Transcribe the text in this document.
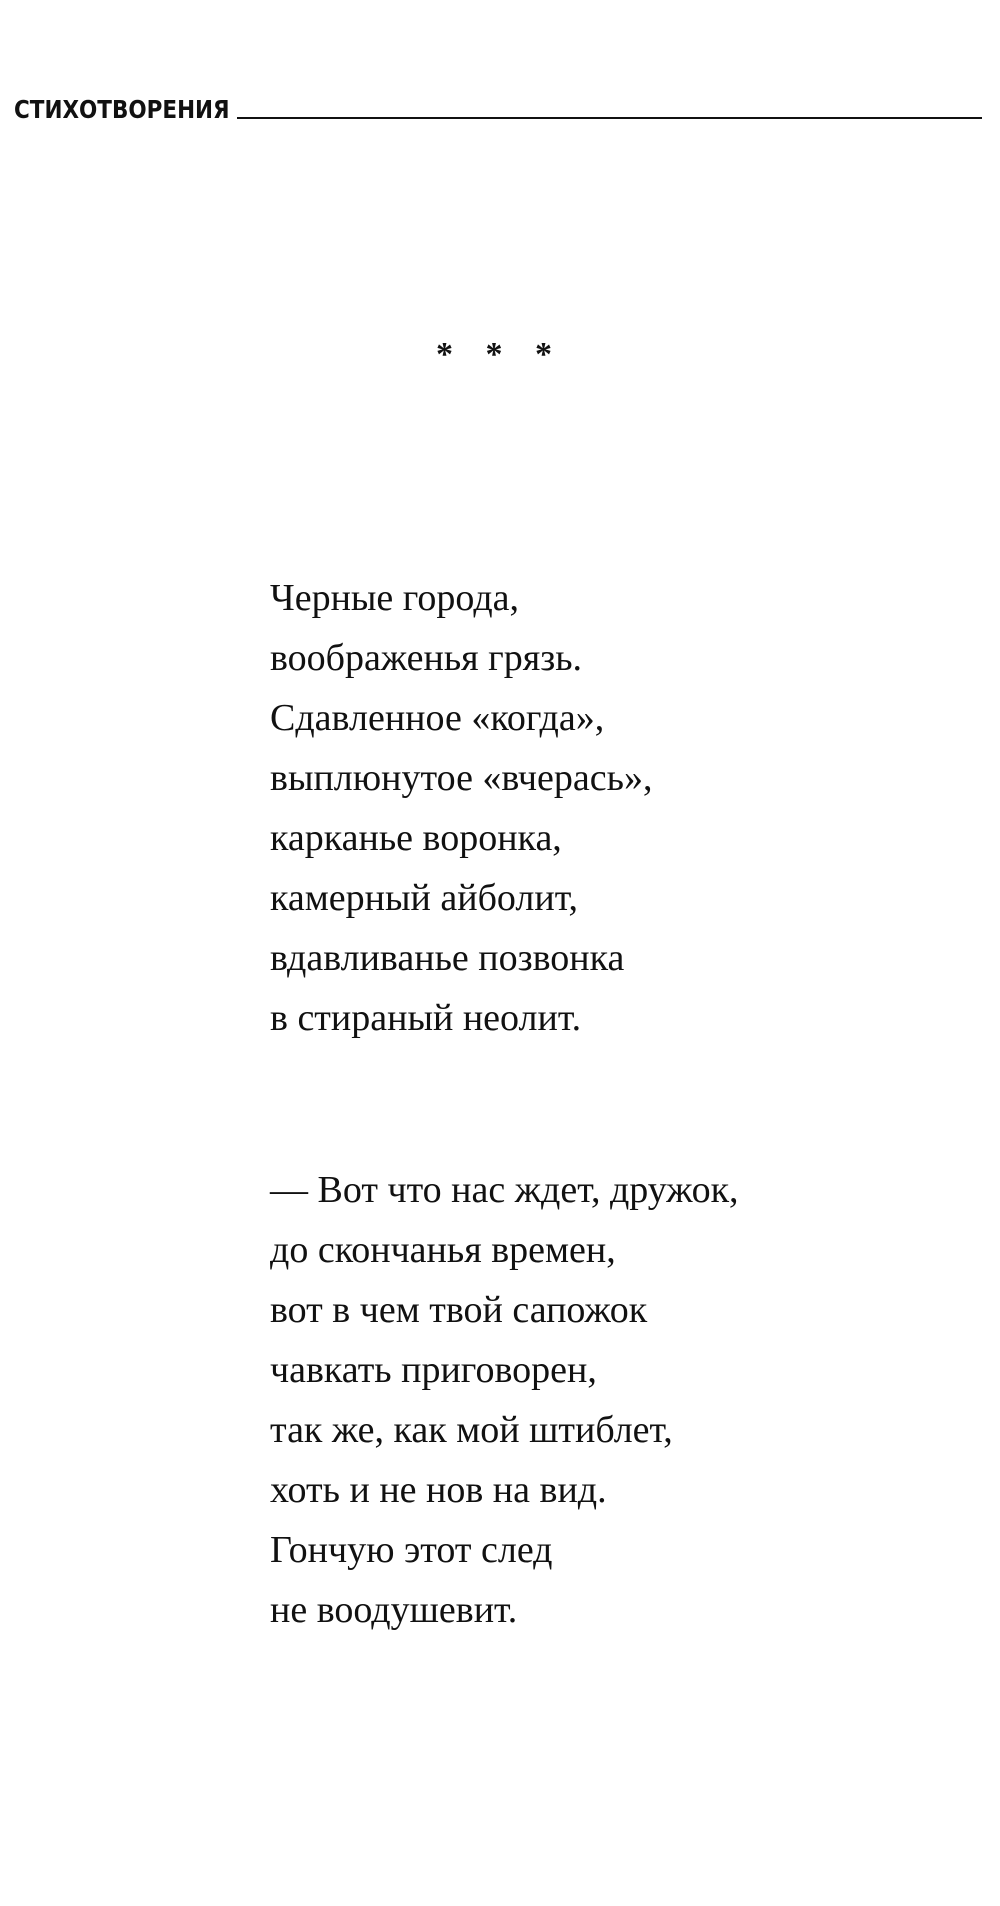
СТИХОТВОРЕНИЯ
* * *
Черные города,
воображенья грязь.
Сдавленное «когда»,
выплюнутое «вчерась»,
карканье воронка,
камерный айболит,
вдавливанье позвонка
в стираный неолит.
— Вот что нас ждет, дружок,
до скончанья времен,
вот в чем твой сапожок
чавкать приговорен,
так же, как мой штиблет,
хоть и не нов на вид.
Гончую этот след
не воодушевит.
